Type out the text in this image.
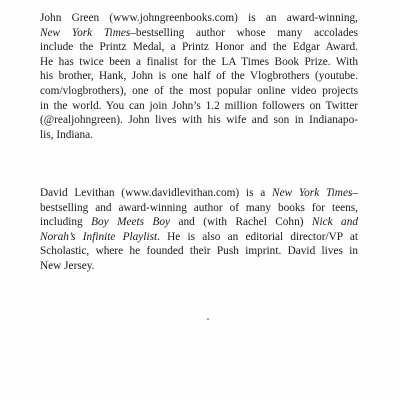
John Green (www.johngreenbooks.com) is an award-winning,
New York Times–bestselling author whose many accolades
include the Printz Medal, a Printz Honor and the Edgar Award.
He has twice been a finalist for the LA Times Book Prize. With
his brother, Hank, John is one half of the Vlogbrothers (youtube.
com/vlogbrothers), one of the most popular online video projects
in the world. You can join John’s 1.2 million followers on Twitter
(@realjohngreen). John lives with his wife and son in Indianapo-
lis, Indiana.

David Levithan (www.davidlevithan.com) is a New York Times–
bestselling and award-winning author of many books for teens,
including Boy Meets Boy and (with Rachel Cohn) Nick and
Norah’s Infinite Playlist. He is also an editorial director/VP at
Scholastic, where he founded their Push imprint. David lives in
New Jersey.
